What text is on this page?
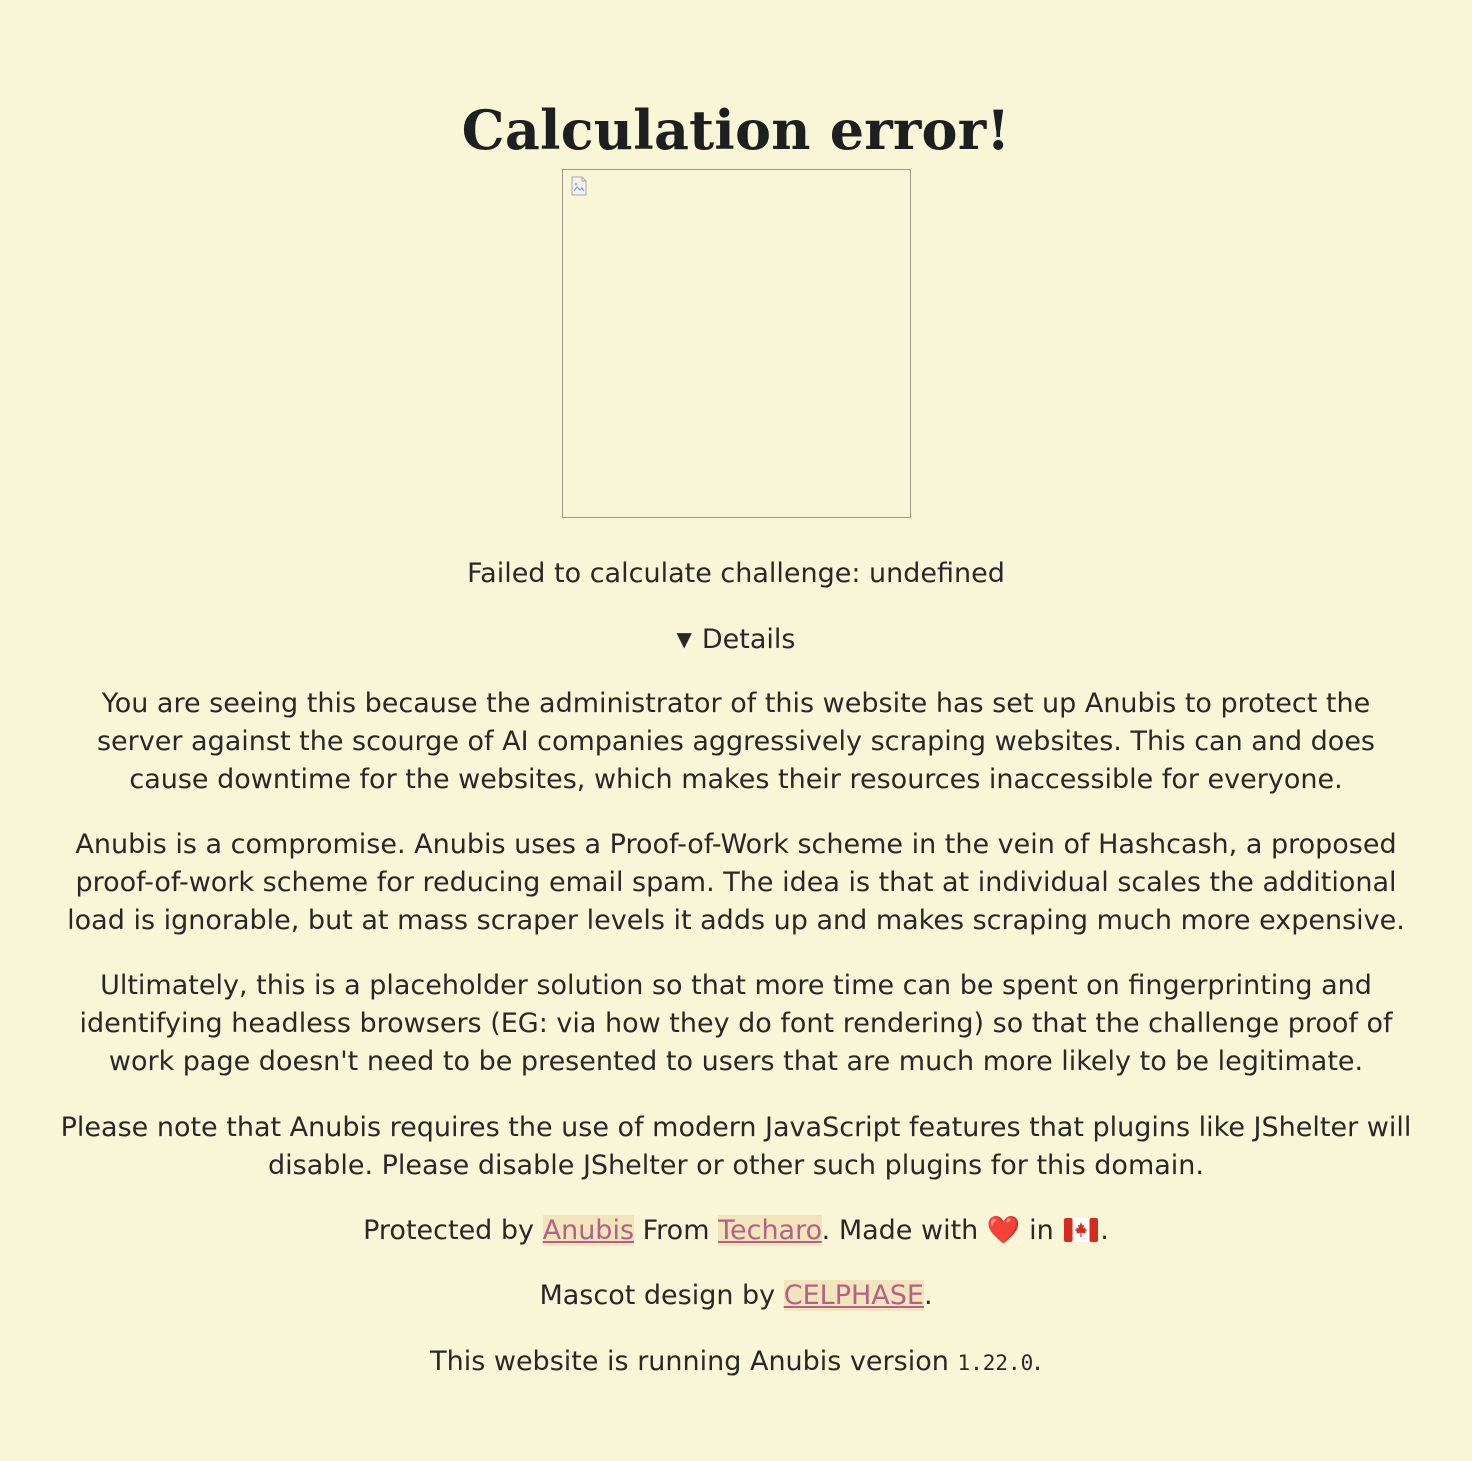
Calculation error!

Failed to calculate challenge: undefined

▼ Details

You are seeing this because the administrator of this website has set up Anubis to protect the server against the scourge of AI companies aggressively scraping websites. This can and does cause downtime for the websites, which makes their resources inaccessible for everyone.

Anubis is a compromise. Anubis uses a Proof-of-Work scheme in the vein of Hashcash, a proposed proof-of-work scheme for reducing email spam. The idea is that at individual scales the additional load is ignorable, but at mass scraper levels it adds up and makes scraping much more expensive.

Ultimately, this is a placeholder solution so that more time can be spent on fingerprinting and identifying headless browsers (EG: via how they do font rendering) so that the challenge proof of work page doesn't need to be presented to users that are much more likely to be legitimate.

Please note that Anubis requires the use of modern JavaScript features that plugins like JShelter will disable. Please disable JShelter or other such plugins for this domain.

Protected by Anubis From Techaro. Made with ❤️ in .

Mascot design by CELPHASE.

This website is running Anubis version 1.22.0.
